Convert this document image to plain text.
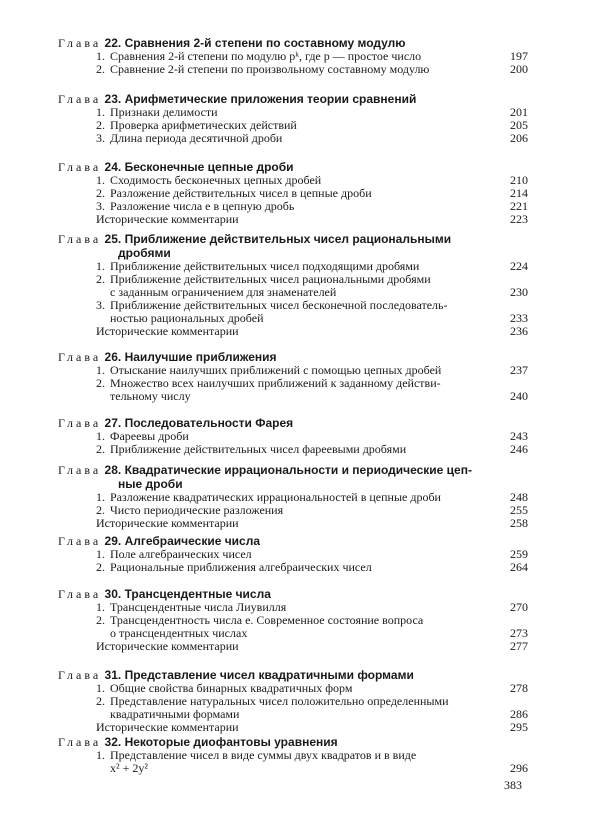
Глава 22. Сравнения 2-й степени по составному модулю
1. Сравнения 2-й степени по модулю pᵏ, где p — простое число	197
2. Сравнение 2-й степени по произвольному составному модулю	200
Глава 23. Арифметические приложения теории сравнений
1. Признаки делимости	201
2. Проверка арифметических действий	205
3. Длина периода десятичной дроби	206
Глава 24. Бесконечные цепные дроби
1. Сходимость бесконечных цепных дробей	210
2. Разложение действительных чисел в цепные дроби	214
3. Разложение числа e в цепную дробь	221
Исторические комментарии	223
Глава 25. Приближение действительных чисел рациональными
дробями
1. Приближение действительных чисел подходящими дробями	224
2. Приближение действительных чисел рациональными дробями
с заданным ограничением для знаменателей	230
3. Приближение действительных чисел бесконечной последователь-
ностью рациональных дробей	233
Исторические комментарии	236
Глава 26. Наилучшие приближения
1. Отыскание наилучших приближений с помощью цепных дробей	237
2. Множество всех наилучших приближений к заданному действи-
тельному числу	240
Глава 27. Последовательности Фарея
1. Фареевы дроби	243
2. Приближение действительных чисел фареевыми дробями	246
Глава 28. Квадратические иррациональности и периодические цеп-
ные дроби
1. Разложение квадратических иррациональностей в цепные дроби	248
2. Чисто периодические разложения	255
Исторические комментарии	258
Глава 29. Алгебраические числа
1. Поле алгебраических чисел	259
2. Рациональные приближения алгебраических чисел	264
Глава 30. Трансцендентные числа
1. Трансцендентные числа Лиувилля	270
2. Трансцендентность числа e. Современное состояние вопроса
о трансцендентных числах	273
Исторические комментарии	277
Глава 31. Представление чисел квадратичными формами
1. Общие свойства бинарных квадратичных форм	278
2. Представление натуральных чисел положительно определенными
квадратичными формами	286
Исторические комментарии	295
Глава 32. Некоторые диофантовы уравнения
1. Представление чисел в виде суммы двух квадратов и в виде
x² + 2y²	296
383
